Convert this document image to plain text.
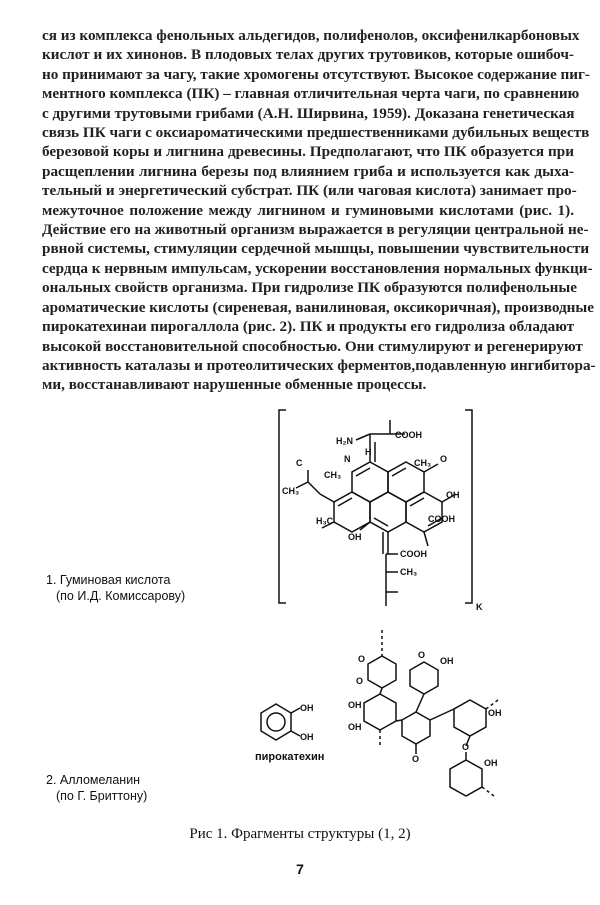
ся из комплекса фенольных альдегидов, полифенолов, оксифенилкарбоновых
кислот и их хинонов. В плодовых телах других трутовиков, которые ошибоч-
но принимают за чагу, такие хромогены отсутствуют. Высокое содержание пиг-
ментного комплекса (ПК) – главная отличительная черта чаги, по сравнению
с другими трутовыми грибами (А.Н. Ширвина, 1959). Доказана генетическая
связь ПК чаги с оксиароматическими предшественниками дубильных веществ
березовой коры и лигнина древесины. Предполагают, что ПК образуется при
расщеплении лигнина березы под влиянием гриба и используется как дыха-
тельный и энергетический субстрат. ПК (или чаговая кислота) занимает про-
межуточное положение между лигнином и гуминовыми кислотами (рис. 1).
Действие его на животный организм выражается в регуляции центральной не-
рвной системы, стимуляции сердечной мышцы, повышении чувствительности
сердца к нервным импульсам, ускорении восстановления нормальных функци-
ональных свойств организма. При гидролизе ПК образуются полифенольные
ароматические кислоты (сиреневая, ванилиновая, оксикоричная), производные
пирокатехинаи пирогаллола (рис. 2). ПК и продукты его гидролиза обладают
высокой восстановительной способностью. Они стимулируют и регенерируют
активность каталазы и протеолитических ферментов,подавленную ингибитора-
ми, восстанавливают нарушенные обменные процессы.
1. Гуминовая кислота
(по И.Д. Комиссарову)
2. Алломеланин
(по Г. Бриттону)
H₂N
COOH
C
CH₃
CH₃
H₃C
N
H
O
CH₃
OH
COOH
OH
COOH
CH₃
K
OH
OH
O
O
OH
O
OH
OH
O
OH
O
OH
пирокатехин
Рис 1. Фрагменты структуры (1, 2)
7
